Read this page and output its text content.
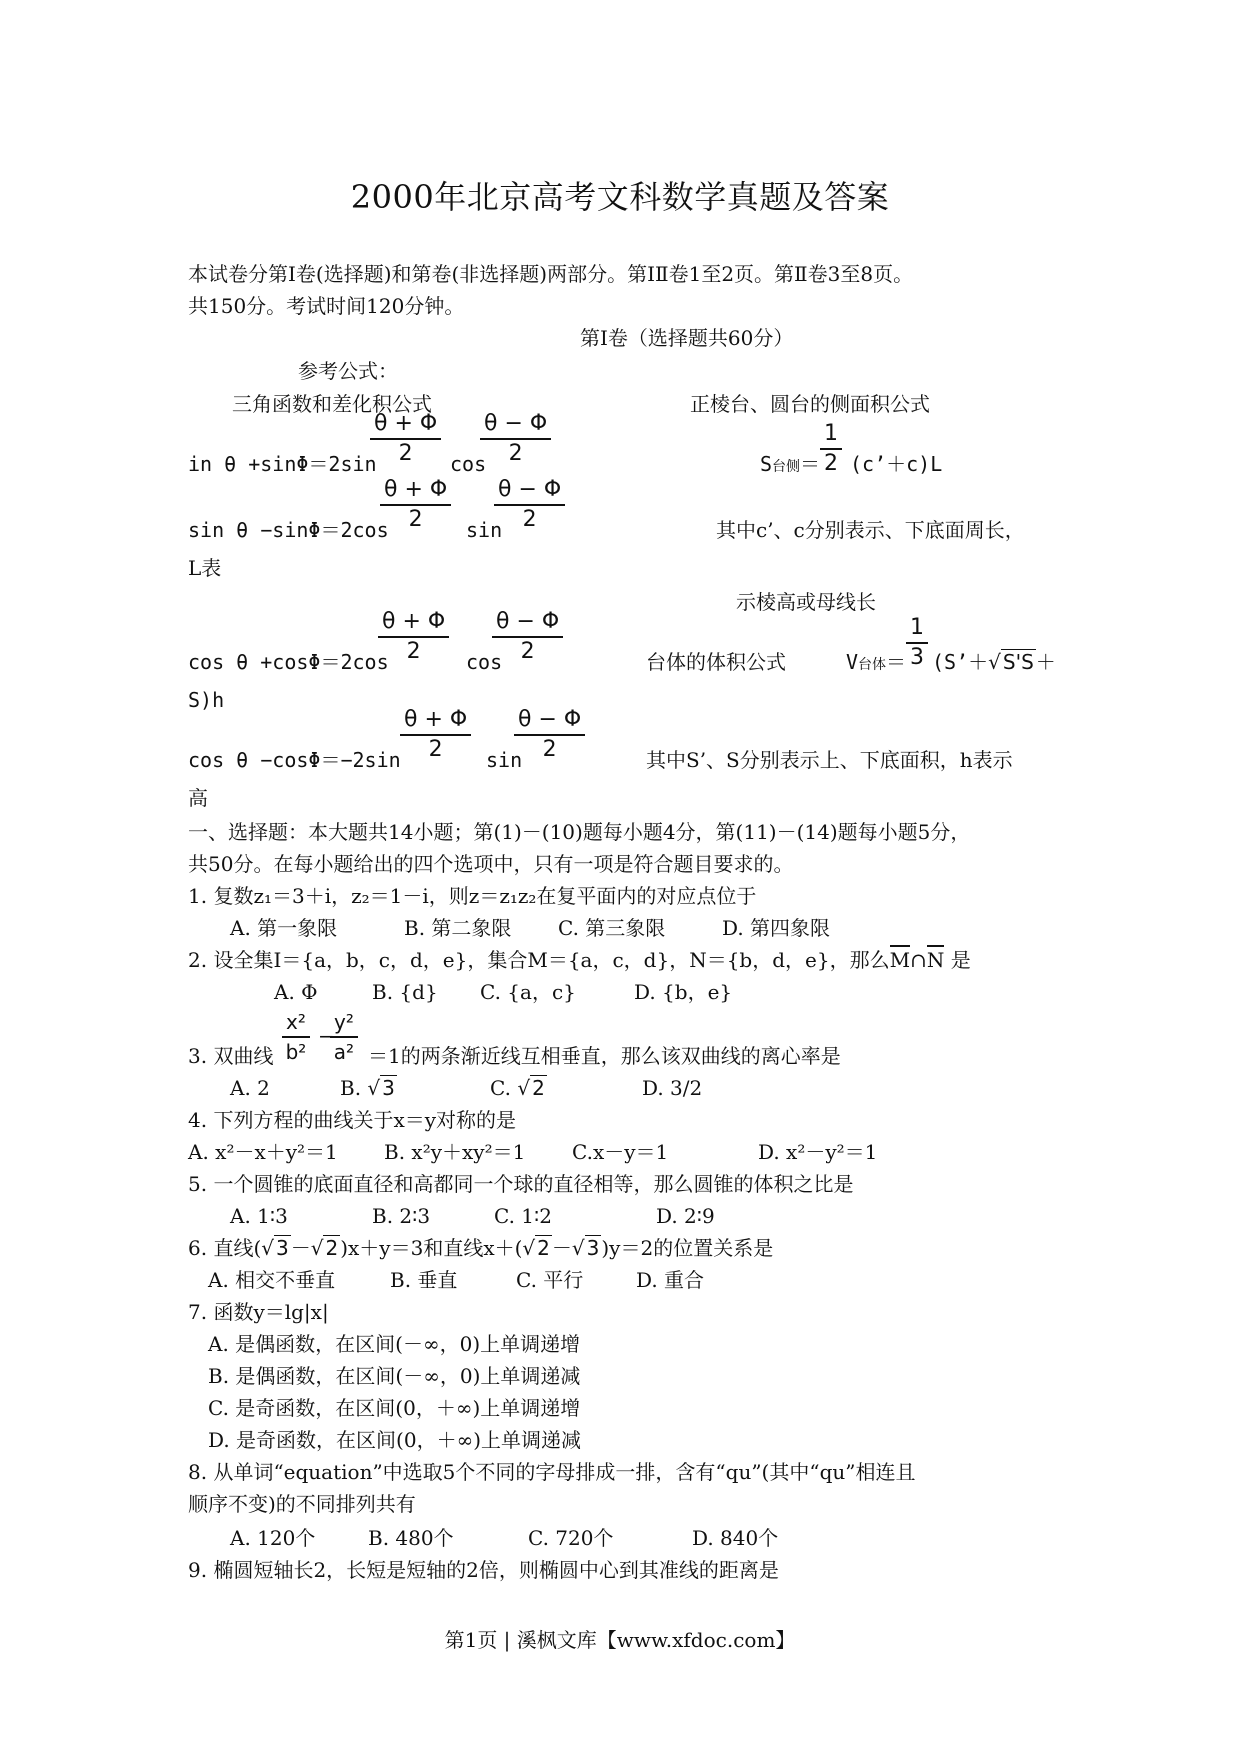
2000年北京高考文科数学真题及答案
本试卷分第Ⅰ卷(选择题)和第卷(非选择题)两部分。第ⅠⅡ卷1至2页。第Ⅱ卷3至8页。
共150分。考试时间120分钟。
第Ⅰ卷（选择题共60分）
参考公式：
三角函数和差化积公式	正棱台、圆台的侧面积公式
$\frac{\theta + \Phi}{2} \frac{\theta - \Phi}{2}$
in θ +sinΦ＝2sin	cos	$\frac{1}{2}$
S台侧＝ (c’＋c)L
$\frac{\theta + \Phi}{2} \frac{\theta - \Phi}{2}$
sin θ −sinΦ＝2cos	sin	其中c’、c分别表示、下底面周长，
L表
示棱高或母线长
$\frac{\theta + \Phi}{2} \frac{\theta - \Phi}{2}$
cos θ +cosΦ＝2cos	cos	台体的体积公式	$\frac{1}{3}$
V台体＝ (S’＋√ S'S ＋
S)h
$\frac{\theta + \Phi}{2} \frac{\theta - \Phi}{2}$
cos θ −cosΦ＝−2sin	sin	其中S’、S分别表示上、下底面积，h表示
高
一、选择题：本大题共14小题；第(1)－(10)题每小题4分，第(11)－(14)题每小题5分，
共50分。在每小题给出的四个选项中，只有一项是符合题目要求的。
1. 复数z₁＝3＋i，z₂＝1－i，则z＝z₁z₂在复平面内的对应点位于
A. 第一象限	B. 第二象限 C. 第三象限	D. 第四象限
2. 设全集I＝{a，b，c，d，e}，集合M＝{a，c，d}，N＝{b，d，e}，那么M∩N 是
A. Φ	B. {d} C. {a，c}	D. {b，e}
$\frac{\text{x²}}{\text{b²}}$ −
$\frac{\text{y²}}{\text{a²}}$
3. 双曲线	＝1的两条渐近线互相垂直，那么该双曲线的离心率是
A. 2	B. √ 3	C. √ 2	D. 3/2
4. 下列方程的曲线关于x＝y对称的是
A. x²－x＋y²＝1 B. x²y＋xy²＝1 C.x－y＝1	D. x²－y²＝1
5. 一个圆锥的底面直径和高都同一个球的直径相等，那么圆锥的体积之比是
A. 1∶3	B. 2∶3	C. 1∶2	D. 2∶9
6. 直线(√ 3 －√ 2 )x＋y＝3和直线x＋(√ 2 －√ 3 )y＝2的位置关系是
A. 相交不垂直	B. 垂直	C. 平行	D. 重合
7. 函数y＝lg|x|
A. 是偶函数，在区间(－∞，0)上单调递增
B. 是偶函数，在区间(－∞，0)上单调递减
C. 是奇函数，在区间(0，＋∞)上单调递增
D. 是奇函数，在区间(0，＋∞)上单调递减
8. 从单词“equation”中选取5个不同的字母排成一排，含有“qu”(其中“qu”相连且
顺序不变)的不同排列共有
A. 120个	B. 480个	C. 720个	D. 840个
9. 椭圆短轴长2，长短是短轴的2倍，则椭圆中心到其准线的距离是
第1页 | 溪枫文库【www.xfdoc.com】
